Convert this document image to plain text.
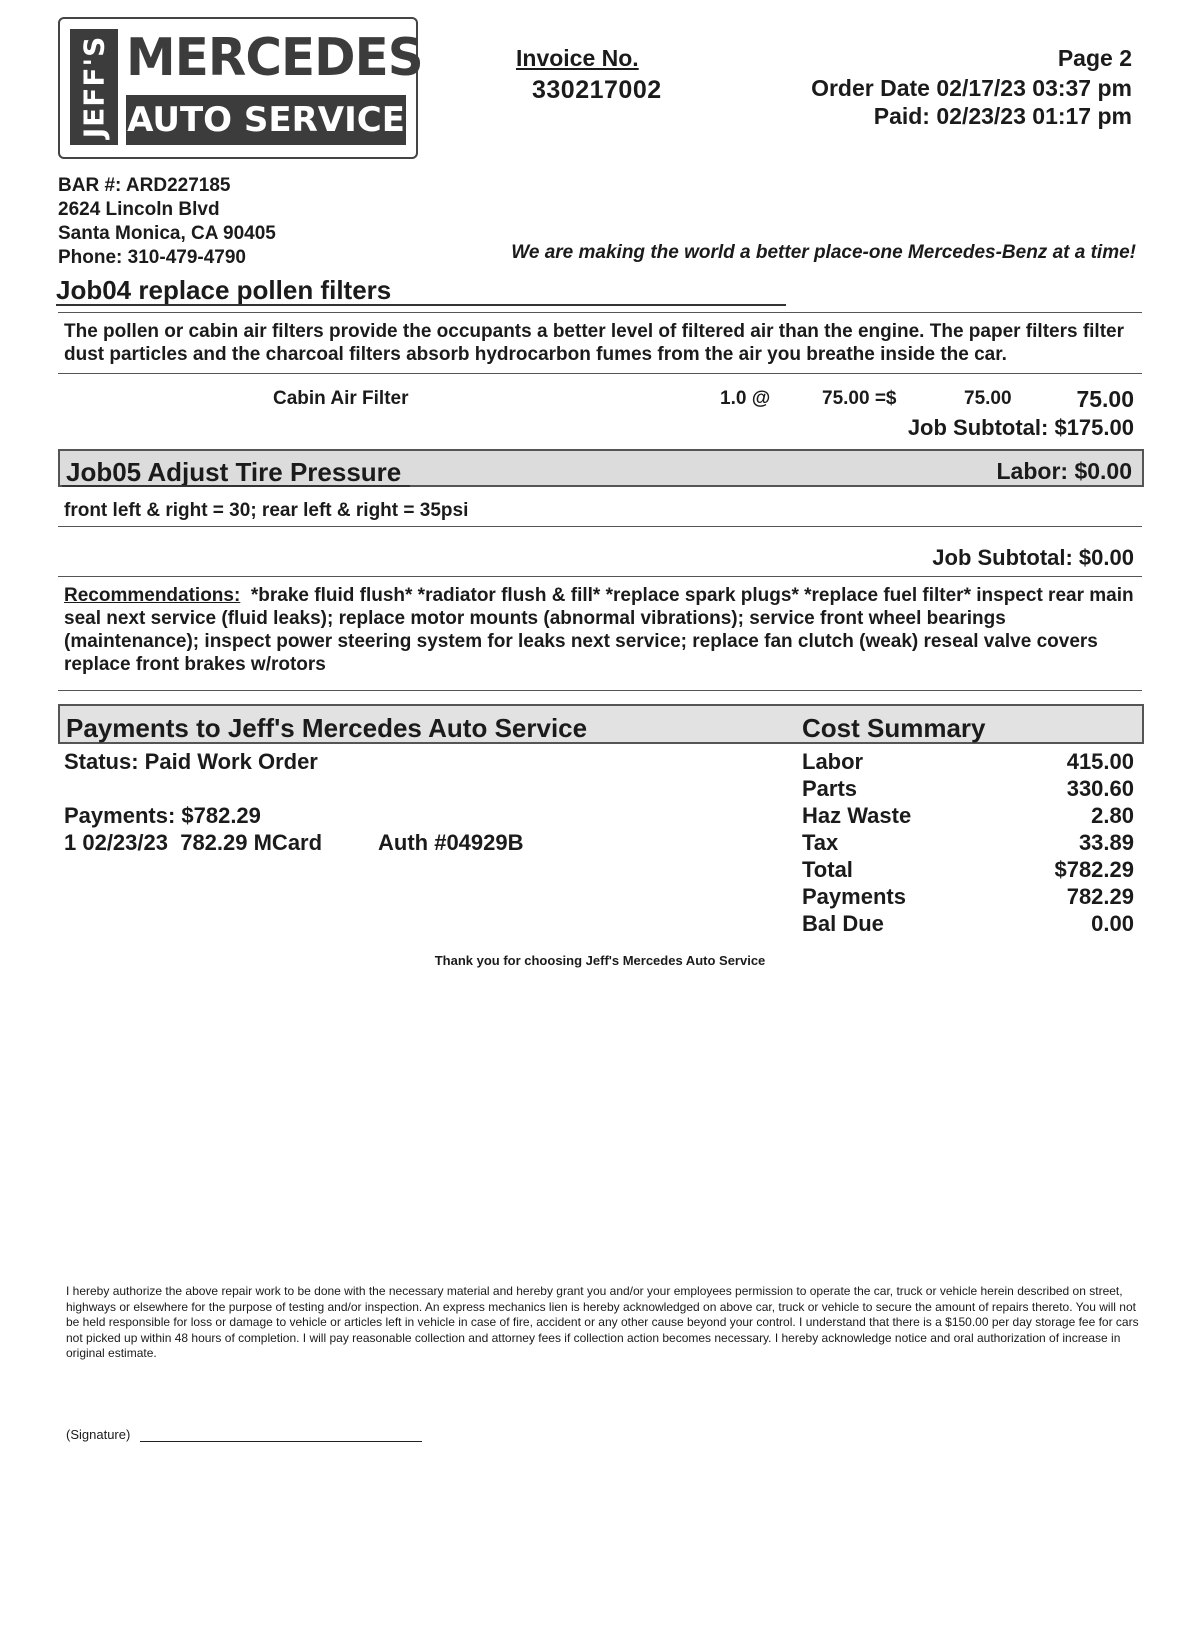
JEFF'S MERCEDES
AUTO SERVICE
Invoice No.
330217002
Page 2
Order Date 02/17/23 03:37 pm
Paid: 02/23/23 01:17 pm
BAR #: ARD227185
2624 Lincoln Blvd
Santa Monica, CA 90405
Phone: 310-479-4790	We are making the world a better place-one Mercedes-Benz at a time!
Job04 replace pollen filters
The pollen or cabin air filters provide the occupants a better level of filtered air than the engine. The paper filters filter dust particles and the charcoal filters absorb hydrocarbon fumes from the air you breathe inside the car.
Cabin Air Filter	1.0 @	75.00 =$	75.00	75.00
Job Subtotal: $175.00
Job05 Adjust Tire Pressure	Labor: $0.00
front left & right = 30; rear left & right = 35psi
Job Subtotal: $0.00
Recommendations: *brake fluid flush* *radiator flush & fill* *replace spark plugs* *replace fuel filter* inspect rear main seal next service (fluid leaks); replace motor mounts (abnormal vibrations); service front wheel bearings (maintenance); inspect power steering system for leaks next service; replace fan clutch (weak) reseal valve covers replace front brakes w/rotors
Payments to Jeff's Mercedes Auto Service	Cost Summary
Status: Paid Work Order
Payments: $782.29
1 02/23/23  782.29 MCard	Auth #04929B
Labor	415.00
Parts	330.60
Haz Waste	2.80
Tax	33.89
Total	$782.29
Payments	782.29
Bal Due	0.00
Thank you for choosing Jeff's Mercedes Auto Service
I hereby authorize the above repair work to be done with the necessary material and hereby grant you and/or your employees permission to operate the car, truck or vehicle herein described on street, highways or elsewhere for the purpose of testing and/or inspection. An express mechanics lien is hereby acknowledged on above car, truck or vehicle to secure the amount of repairs thereto. You will not be held responsible for loss or damage to vehicle or articles left in vehicle in case of fire, accident or any other cause beyond your control. I understand that there is a $150.00 per day storage fee for cars not picked up within 48 hours of completion. I will pay reasonable collection and attorney fees if collection action becomes necessary. I hereby acknowledge notice and oral authorization of increase in original estimate.
(Signature)
